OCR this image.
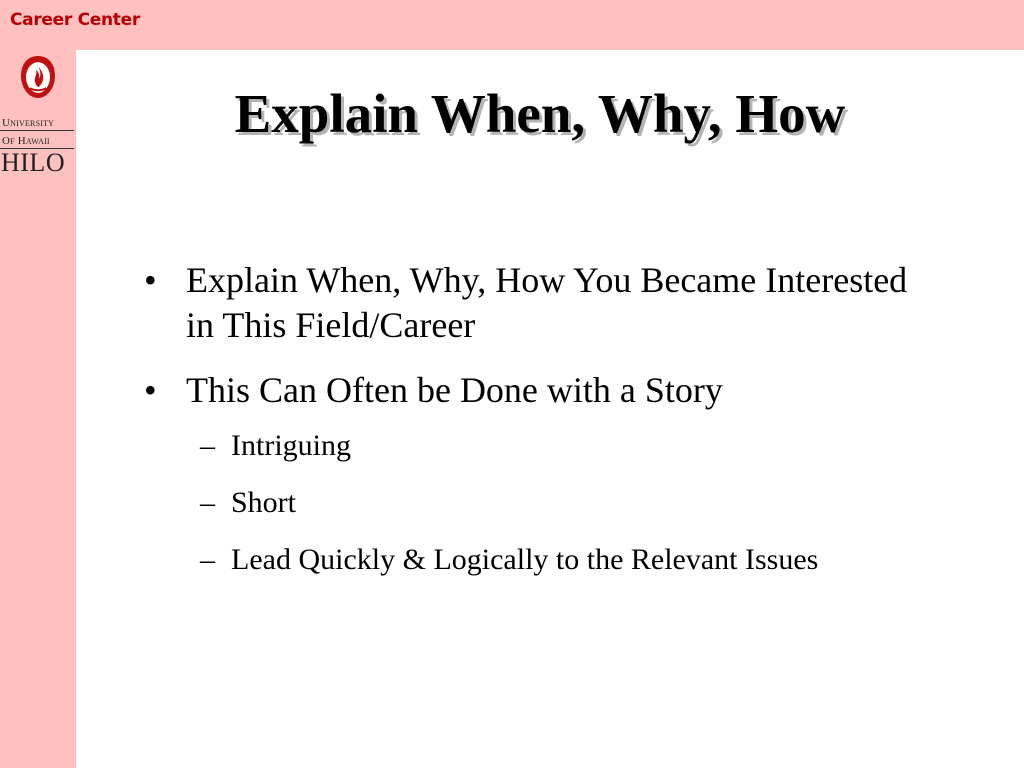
Career Center
University
Of Hawaii
HILO
Explain When, Why, How
• Explain When, Why, How You Became Interested in This Field/Career
• This Can Often be Done with a Story
– Intriguing
– Short
– Lead Quickly & Logically to the Relevant Issues
